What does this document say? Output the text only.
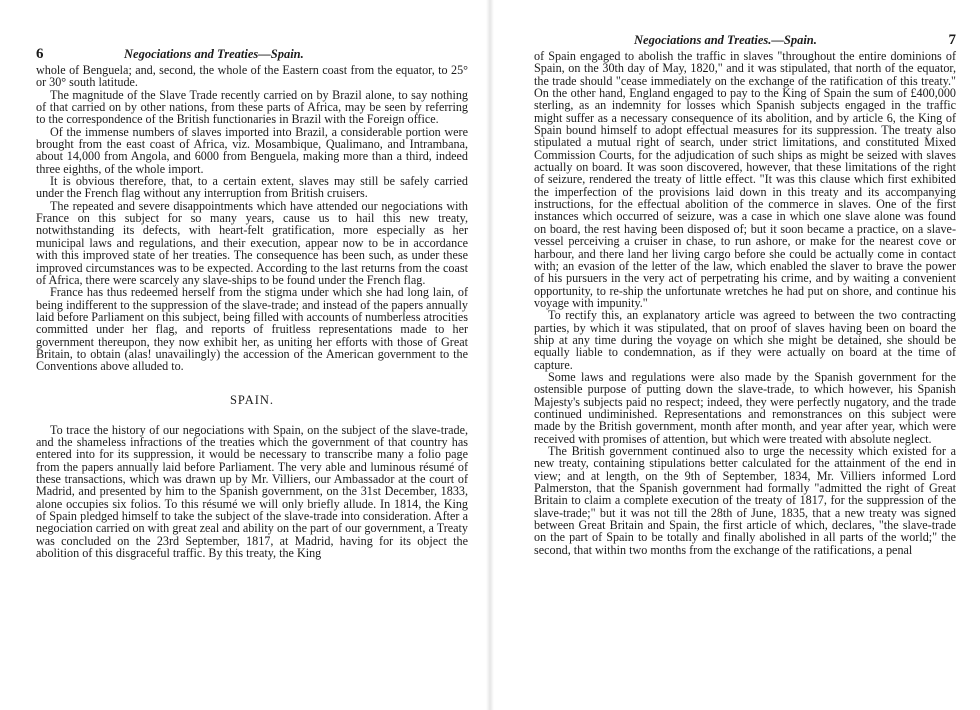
6	Negociations and Treaties—Spain.

whole of Benguela; and, second, the whole of the Eastern coast from the equator, to 25° or 30° south latitude.

The magnitude of the Slave Trade recently carried on by Brazil alone, to say nothing of that carried on by other nations, from these parts of Africa, may be seen by referring to the correspondence of the British functionaries in Brazil with the Foreign office.

Of the immense numbers of slaves imported into Brazil, a considerable portion were brought from the east coast of Africa, viz. Mosambique, Qualimano, and Intrambana, about 14,000 from Angola, and 6000 from Benguela, making more than a third, indeed three eighths, of the whole import.

It is obvious therefore, that, to a certain extent, slaves may still be safely carried under the French flag without any interruption from British cruisers.

The repeated and severe disappointments which have attended our negociations with France on this subject for so many years, cause us to hail this new treaty, notwithstanding its defects, with heart-felt gratification, more especially as her municipal laws and regulations, and their execution, appear now to be in accordance with this improved state of her treaties. The consequence has been such, as under these improved circumstances was to be expected. According to the last returns from the coast of Africa, there were scarcely any slave-ships to be found under the French flag.

France has thus redeemed herself from the stigma under which she had long lain, of being indifferent to the suppression of the slave-trade; and instead of the papers annually laid before Parliament on this subject, being filled with accounts of numberless atrocities committed under her flag, and reports of fruitless representations made to her government thereupon, they now exhibit her, as uniting her efforts with those of Great Britain, to obtain (alas! unavailingly) the accession of the American government to the Conventions above alluded to.

SPAIN.

To trace the history of our negociations with Spain, on the subject of the slave-trade, and the shameless infractions of the treaties which the government of that country has entered into for its suppression, it would be necessary to transcribe many a folio page from the papers annually laid before Parliament. The very able and luminous résumé of these transactions, which was drawn up by Mr. Villiers, our Ambassador at the court of Madrid, and presented by him to the Spanish government, on the 31st December, 1833, alone occupies six folios. To this résumé we will only briefly allude. In 1814, the King of Spain pledged himself to take the subject of the slave-trade into consideration. After a negociation carried on with great zeal and ability on the part of our government, a Treaty was concluded on the 23rd September, 1817, at Madrid, having for its object the abolition of this disgraceful traffic. By this treaty, the King

Negociations and Treaties.—Spain.	7

of Spain engaged to abolish the traffic in slaves "throughout the entire dominions of Spain, on the 30th day of May, 1820," and it was stipulated, that north of the equator, the trade should "cease immediately on the exchange of the ratification of this treaty." On the other hand, England engaged to pay to the King of Spain the sum of £400,000 sterling, as an indemnity for losses which Spanish subjects engaged in the traffic might suffer as a necessary consequence of its abolition, and by article 6, the King of Spain bound himself to adopt effectual measures for its suppression. The treaty also stipulated a mutual right of search, under strict limitations, and constituted Mixed Commission Courts, for the adjudication of such ships as might be seized with slaves actually on board. It was soon discovered, however, that these limitations of the right of seizure, rendered the treaty of little effect. "It was this clause which first exhibited the imperfection of the provisions laid down in this treaty and its accompanying instructions, for the effectual abolition of the commerce in slaves. One of the first instances which occurred of seizure, was a case in which one slave alone was found on board, the rest having been disposed of; but it soon became a practice, on a slave-vessel perceiving a cruiser in chase, to run ashore, or make for the nearest cove or harbour, and there land her living cargo before she could be actually come in contact with; an evasion of the letter of the law, which enabled the slaver to brave the power of his pursuers in the very act of perpetrating his crime, and by waiting a convenient opportunity, to re-ship the unfortunate wretches he had put on shore, and continue his voyage with impunity."

To rectify this, an explanatory article was agreed to between the two contracting parties, by which it was stipulated, that on proof of slaves having been on board the ship at any time during the voyage on which she might be detained, she should be equally liable to condemnation, as if they were actually on board at the time of capture.

Some laws and regulations were also made by the Spanish government for the ostensible purpose of putting down the slave-trade, to which however, his Spanish Majesty's subjects paid no respect; indeed, they were perfectly nugatory, and the trade continued undiminished. Representations and remonstrances on this subject were made by the British government, month after month, and year after year, which were received with promises of attention, but which were treated with absolute neglect.

The British government continued also to urge the necessity which existed for a new treaty, containing stipulations better calculated for the attainment of the end in view; and at length, on the 9th of September, 1834, Mr. Villiers informed Lord Palmerston, that the Spanish government had formally "admitted the right of Great Britain to claim a complete execution of the treaty of 1817, for the suppression of the slave-trade;" but it was not till the 28th of June, 1835, that a new treaty was signed between Great Britain and Spain, the first article of which, declares, "the slave-trade on the part of Spain to be totally and finally abolished in all parts of the world;" the second, that within two months from the exchange of the ratifications, a penal
